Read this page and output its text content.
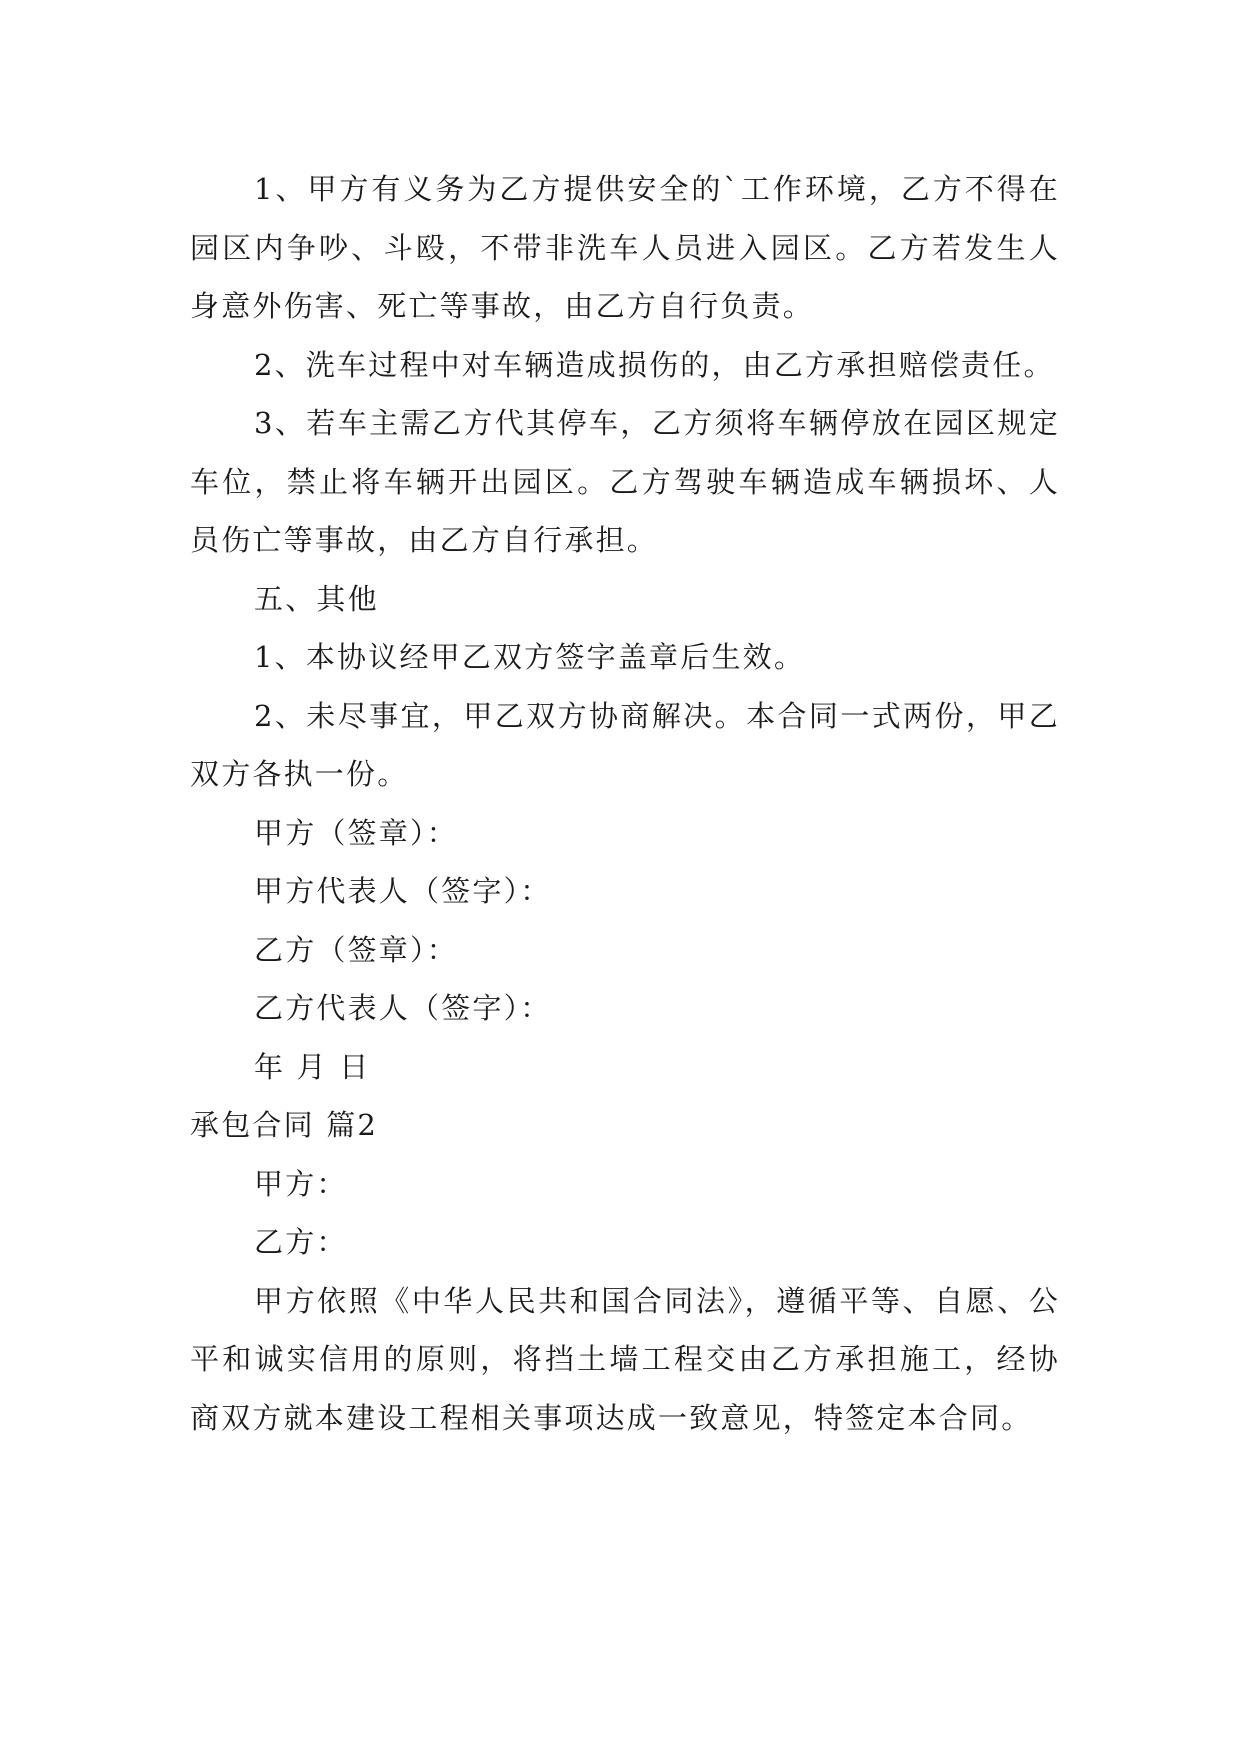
1、甲方有义务为乙方提供安全的`工作环境，乙方不得在园区内争吵、斗殴，不带非洗车人员进入园区。乙方若发生人身意外伤害、死亡等事故，由乙方自行负责。

2、洗车过程中对车辆造成损伤的，由乙方承担赔偿责任。

3、若车主需乙方代其停车，乙方须将车辆停放在园区规定车位，禁止将车辆开出园区。乙方驾驶车辆造成车辆损坏、人员伤亡等事故，由乙方自行承担。

五、其他

1、本协议经甲乙双方签字盖章后生效。

2、未尽事宜，甲乙双方协商解决。本合同一式两份，甲乙双方各执一份。

甲方（签章）：

甲方代表人（签字）：

乙方（签章）：

乙方代表人（签字）：

年 月 日

承包合同 篇2

甲方：

乙方：

甲方依照《中华人民共和国合同法》，遵循平等、自愿、公平和诚实信用的原则，将挡土墙工程交由乙方承担施工，经协商双方就本建设工程相关事项达成一致意见，特签定本合同。
